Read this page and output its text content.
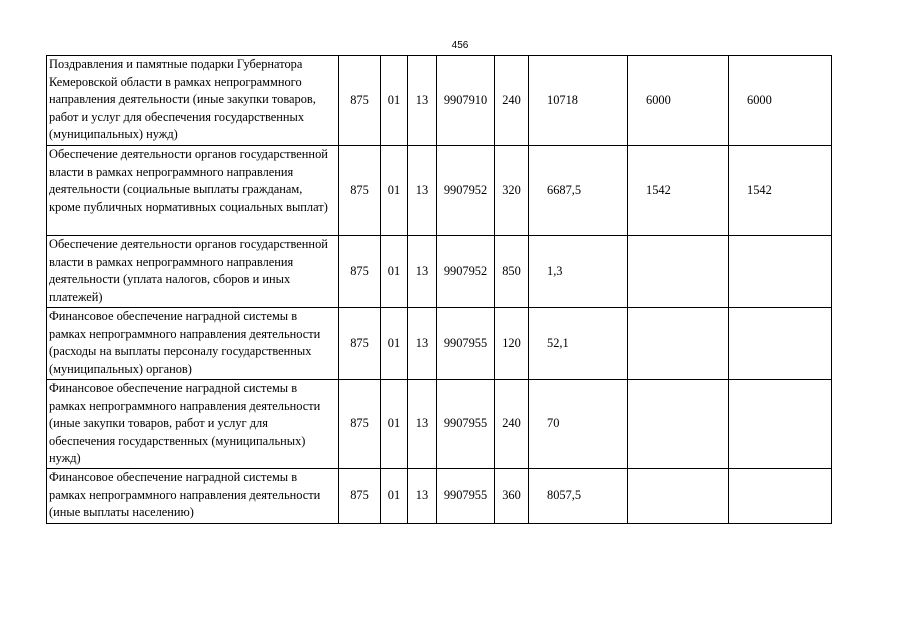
456
Поздравления и памятные подарки Губернатора Кемеровской области в рамках непрограммного направления деятельности (иные закупки товаров, работ и услуг для обеспечения государственных (муниципальных) нужд)	875	01	13	9907910	240	10718	6000	6000
Обеспечение деятельности органов государственной власти в рамках непрограммного направления деятельности (социальные выплаты гражданам, кроме публичных нормативных социальных выплат)	875	01	13	9907952	320	6687,5	1542	1542
Обеспечение деятельности органов государственной власти в рамках непрограммного направления деятельности (уплата налогов, сборов и иных платежей)	875	01	13	9907952	850	1,3		
Финансовое обеспечение наградной системы в рамках непрограммного направления деятельности (расходы на выплаты персоналу государственных (муниципальных) органов)	875	01	13	9907955	120	52,1		
Финансовое обеспечение наградной системы в рамках непрограммного направления деятельности (иные закупки товаров, работ и услуг для обеспечения государственных (муниципальных) нужд)	875	01	13	9907955	240	70		
Финансовое обеспечение наградной системы в рамках непрограммного направления деятельности (иные выплаты населению)	875	01	13	9907955	360	8057,5		
